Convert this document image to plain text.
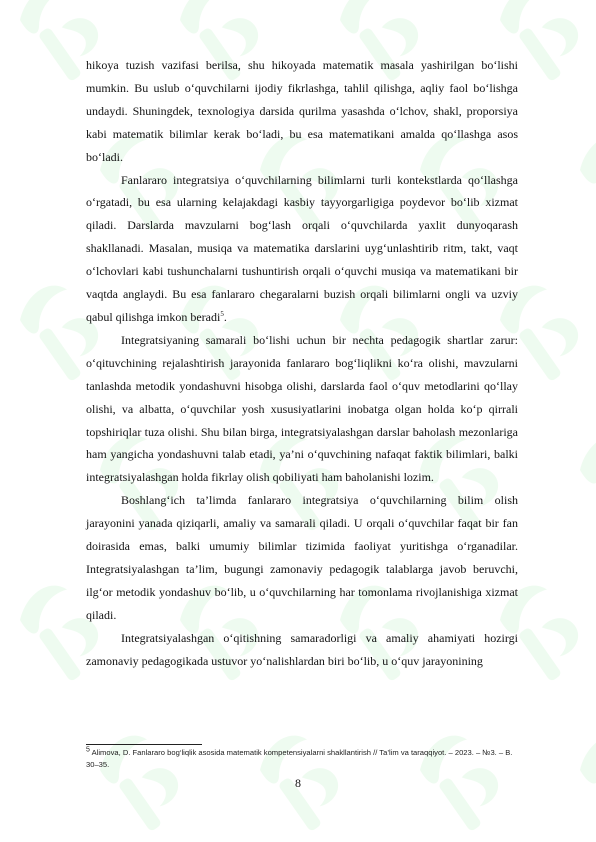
hikoya tuzish vazifasi berilsa, shu hikoyada matematik masala yashirilgan bo‘lishi mumkin. Bu uslub o‘quvchilarni ijodiy fikrlashga, tahlil qilishga, aqliy faol bo‘lishga undaydi. Shuningdek, texnologiya darsida qurilma yasashda o‘lchov, shakl, proporsiya kabi matematik bilimlar kerak bo‘ladi, bu esa matematikani amalda qo‘llashga asos bo‘ladi.

Fanlararo integratsiya o‘quvchilarning bilimlarni turli kontekstlarda qo‘llashga o‘rgatadi, bu esa ularning kelajakdagi kasbiy tayyorgarligiga poydevor bo‘lib xizmat qiladi. Darslarda mavzularni bog‘lash orqali o‘quvchilarda yaxlit dunyoqarash shakllanadi. Masalan, musiqa va matematika darslarini uyg‘unlashtirib ritm, takt, vaqt o‘lchovlari kabi tushunchalarni tushuntirish orqali o‘quvchi musiqa va matematikani bir vaqtda anglaydi. Bu esa fanlararo chegaralarni buzish orqali bilimlarni ongli va uzviy qabul qilishga imkon beradi$^5$.

Integratsiyaning samarali bo‘lishi uchun bir nechta pedagogik shartlar zarur: o‘qituvchining rejalashtirish jarayonida fanlararo bog‘liqlikni ko‘ra olishi, mavzularni tanlashda metodik yondashuvni hisobga olishi, darslarda faol o‘quv metodlarini qo‘llay olishi, va albatta, o‘quvchilar yosh xususiyatlarini inobatga olgan holda ko‘p qirrali topshiriqlar tuza olishi. Shu bilan birga, integratsiyalashgan darslar baholash mezonlariga ham yangicha yondashuvni talab etadi, ya’ni o‘quvchining nafaqat faktik bilimlari, balki integratsiyalashgan holda fikrlay olish qobiliyati ham baholanishi lozim.

Boshlang‘ich ta’limda fanlararo integratsiya o‘quvchilarning bilim olish jarayonini yanada qiziqarli, amaliy va samarali qiladi. U orqali o‘quvchilar faqat bir fan doirasida emas, balki umumiy bilimlar tizimida faoliyat yuritishga o‘rganadilar. Integratsiyalashgan ta’lim, bugungi zamonaviy pedagogik talablarga javob beruvchi, ilg‘or metodik yondashuv bo‘lib, u o‘quvchilarning har tomonlama rivojlanishiga xizmat qiladi.

Integratsiyalashgan o‘qitishning samaradorligi va amaliy ahamiyati hozirgi zamonaviy pedagogikada ustuvor yo‘nalishlardan biri bo‘lib, u o‘quv jarayonining

$^5$ Alimova, D. Fanlararo bog‘liqlik asosida matematik kompetensiyalarni shakllantirish // Ta’lim va taraqqiyot. – 2023. – №3. – B. 30–35.
8
